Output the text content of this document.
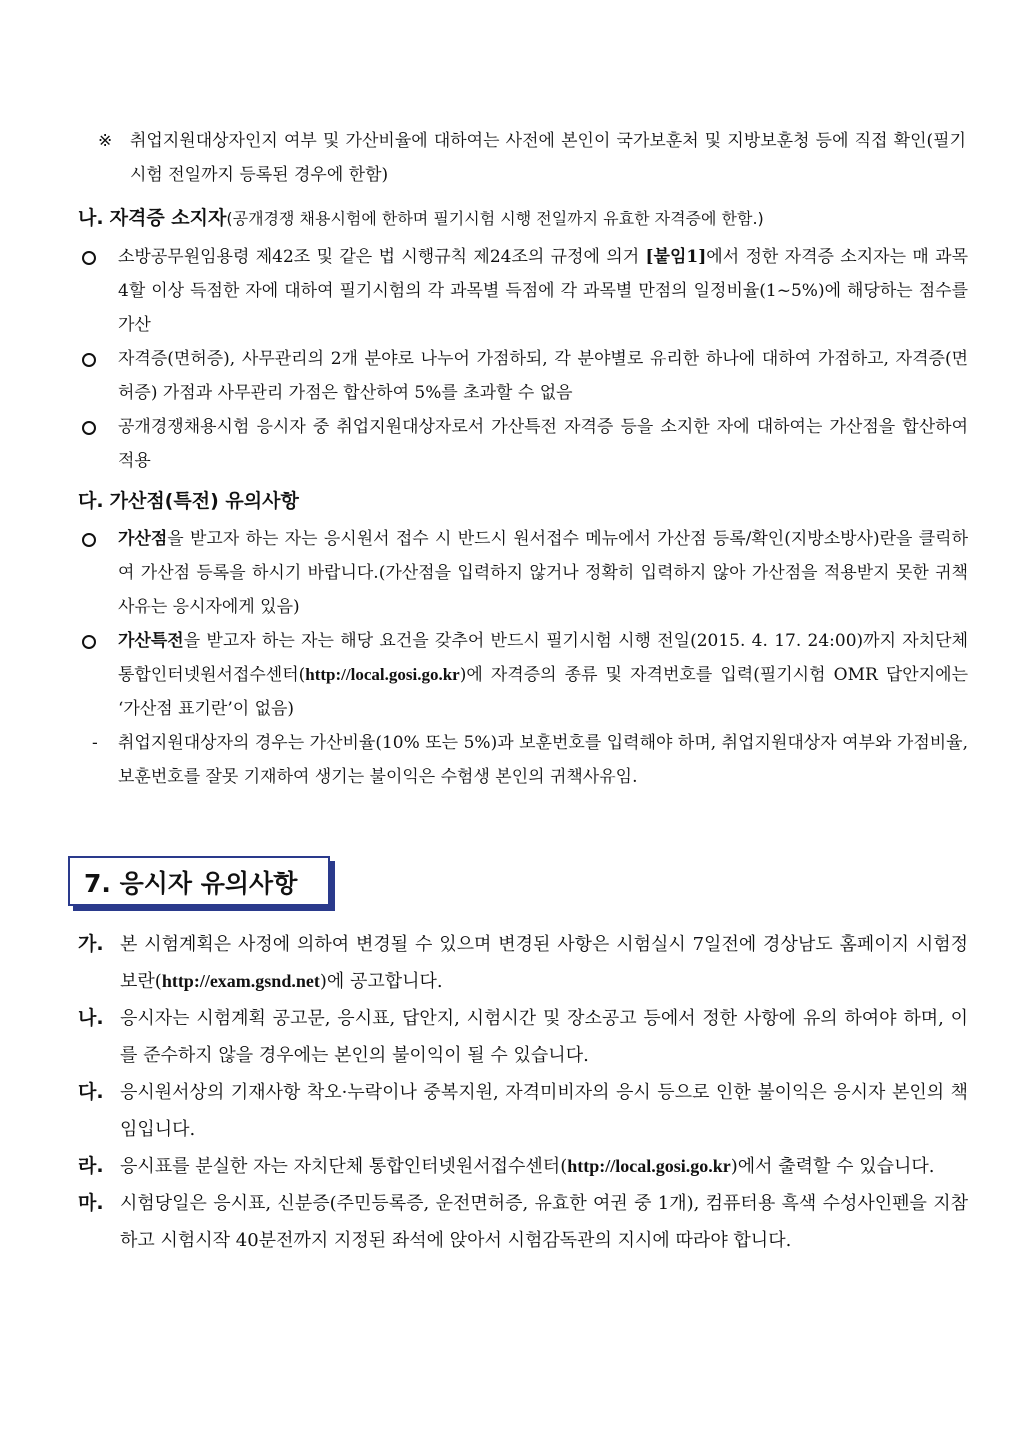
※ 취업지원대상자인지 여부 및 가산비율에 대하여는 사전에 본인이 국가보훈처 및 지방보훈청 등에 직접 확인(필기시험 전일까지 등록된 경우에 한함)
나. 자격증 소지자(공개경쟁 채용시험에 한하며 필기시험 시행 전일까지 유효한 자격증에 한함.)
소방공무원임용령 제42조 및 같은 법 시행규칙 제24조의 규정에 의거 [붙임1]에서 정한 자격증 소지자는 매 과목 4할 이상 득점한 자에 대하여 필기시험의 각 과목별 득점에 각 과목별 만점의 일정비율(1~5%)에 해당하는 점수를 가산
자격증(면허증), 사무관리의 2개 분야로 나누어 가점하되, 각 분야별로 유리한 하나에 대하여 가점하고, 자격증(면허증) 가점과 사무관리 가점은 합산하여 5%를 초과할 수 없음
공개경쟁채용시험 응시자 중 취업지원대상자로서 가산특전 자격증 등을 소지한 자에 대하여는 가산점을 합산하여 적용
다. 가산점(특전) 유의사항
가산점을 받고자 하는 자는 응시원서 접수 시 반드시 원서접수 메뉴에서 가산점 등록/확인(지방소방사)란을 클릭하여 가산점 등록을 하시기 바랍니다.(가산점을 입력하지 않거나 정확히 입력하지 않아 가산점을 적용받지 못한 귀책사유는 응시자에게 있음)
가산특전을 받고자 하는 자는 해당 요건을 갖추어 반드시 필기시험 시행 전일(2015. 4. 17. 24:00)까지 자치단체 통합인터넷원서접수센터(http://local.gosi.go.kr)에 자격증의 종류 및 자격번호를 입력(필기시험 OMR 답안지에는 ‘가산점 표기란’이 없음)
- 취업지원대상자의 경우는 가산비율(10% 또는 5%)과 보훈번호를 입력해야 하며, 취업지원대상자 여부와 가점비율, 보훈번호를 잘못 기재하여 생기는 불이익은 수험생 본인의 귀책사유임.
7. 응시자 유의사항
가. 본 시험계획은 사정에 의하여 변경될 수 있으며 변경된 사항은 시험실시 7일전에 경상남도 홈페이지 시험정보란(http://exam.gsnd.net)에 공고합니다.
나. 응시자는 시험계획 공고문, 응시표, 답안지, 시험시간 및 장소공고 등에서 정한 사항에 유의 하여야 하며, 이를 준수하지 않을 경우에는 본인의 불이익이 될 수 있습니다.
다. 응시원서상의 기재사항 착오·누락이나 중복지원, 자격미비자의 응시 등으로 인한 불이익은 응시자 본인의 책임입니다.
라. 응시표를 분실한 자는 자치단체 통합인터넷원서접수센터(http://local.gosi.go.kr)에서 출력할 수 있습니다.
마. 시험당일은 응시표, 신분증(주민등록증, 운전면허증, 유효한 여권 중 1개), 컴퓨터용 흑색 수성사인펜을 지참하고 시험시작 40분전까지 지정된 좌석에 앉아서 시험감독관의 지시에 따라야 합니다.
